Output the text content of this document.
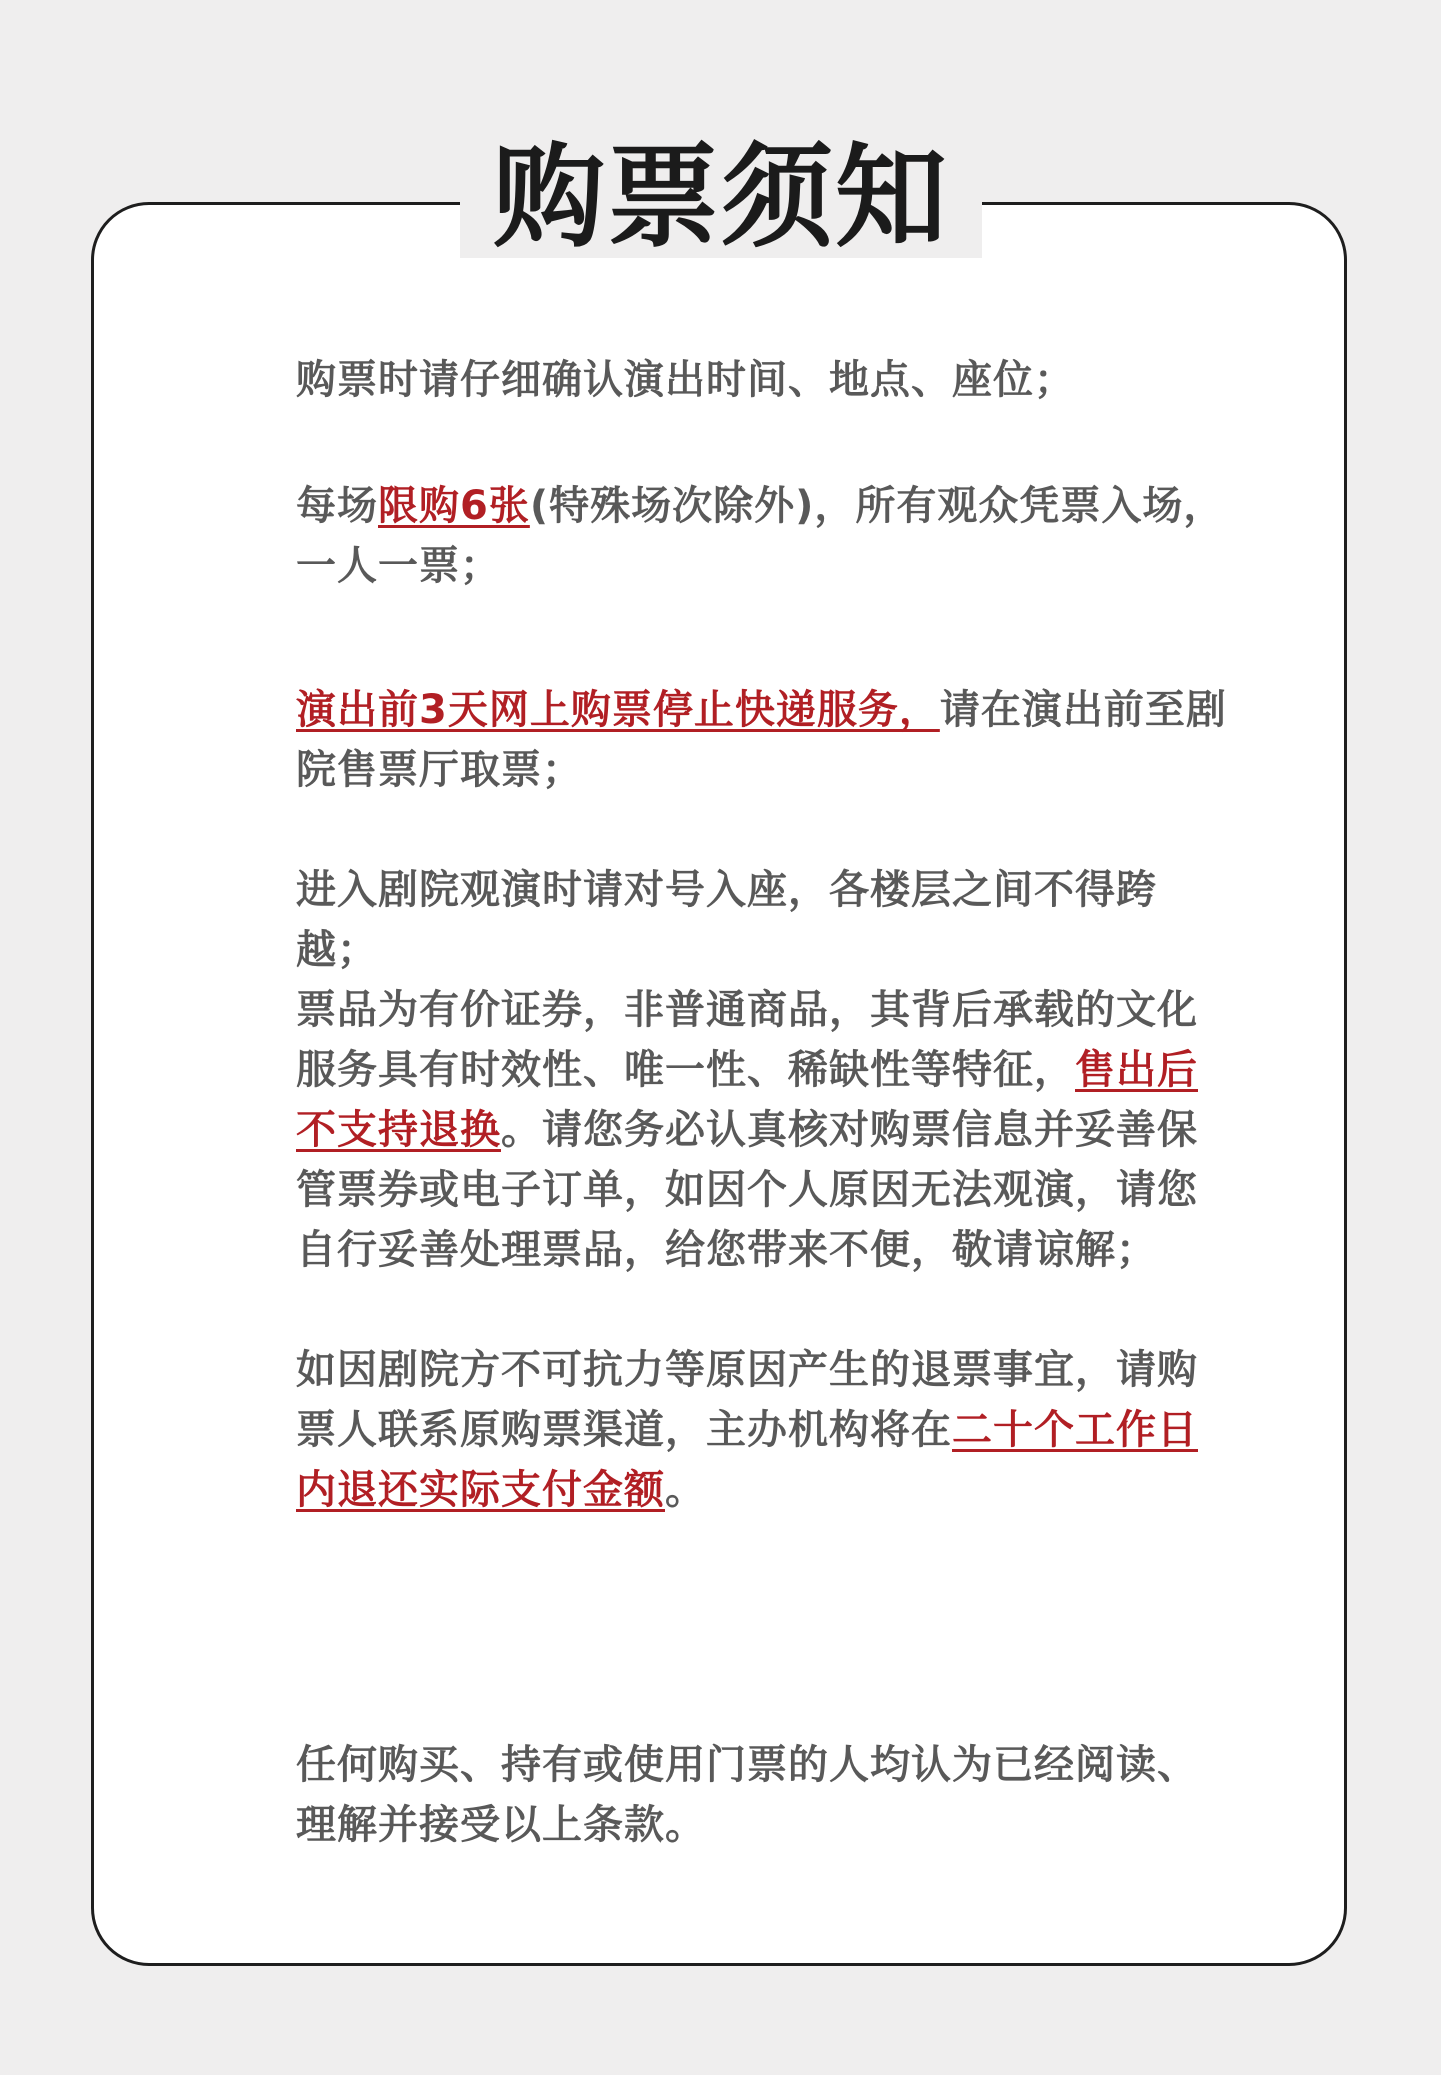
购票须知

购票时请仔细确认演出时间、地点、座位；

每场限购6张(特殊场次除外)，所有观众凭票入场，一人一票；

演出前3天网上购票停止快递服务，请在演出前至剧院售票厅取票；

进入剧院观演时请对号入座，各楼层之间不得跨越；

票品为有价证券，非普通商品，其背后承载的文化服务具有时效性、唯一性、稀缺性等特征，售出后不支持退换。请您务必认真核对购票信息并妥善保管票券或电子订单，如因个人原因无法观演，请您自行妥善处理票品，给您带来不便，敬请谅解；

如因剧院方不可抗力等原因产生的退票事宜，请购票人联系原购票渠道，主办机构将在二十个工作日内退还实际支付金额。

任何购买、持有或使用门票的人均认为已经阅读、理解并接受以上条款。
